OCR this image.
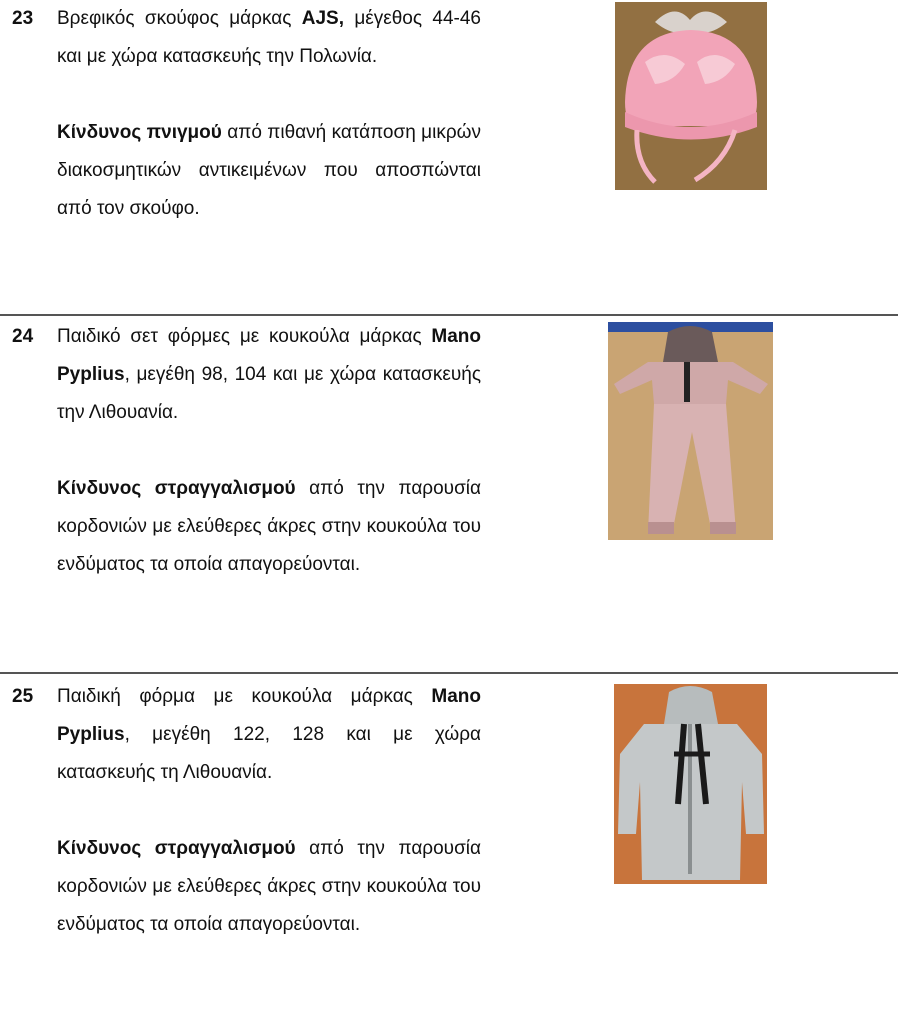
23 Βρεφικός σκούφος μάρκας AJS, μέγεθος 44-46 και με χώρα κατασκευής την Πολωνία.

Κίνδυνος πνιγμού από πιθανή κατάποση μικρών διακοσμητικών αντικειμένων που αποσπώνται από τον σκούφο.

24 Παιδικό σετ φόρμες με κουκούλα μάρκας Mano Pyplius, μεγέθη 98, 104 και με χώρα κατασκευής την Λιθουανία.

Κίνδυνος στραγγαλισμού από την παρουσία κορδονιών με ελεύθερες άκρες στην κουκούλα του ενδύματος τα οποία απαγορεύονται.

25 Παιδική φόρμα με κουκούλα μάρκας Mano Pyplius, μεγέθη 122, 128 και με χώρα κατασκευής τη Λιθουανία.

Κίνδυνος στραγγαλισμού από την παρουσία κορδονιών με ελεύθερες άκρες στην κουκούλα του ενδύματος τα οποία απαγορεύονται.
